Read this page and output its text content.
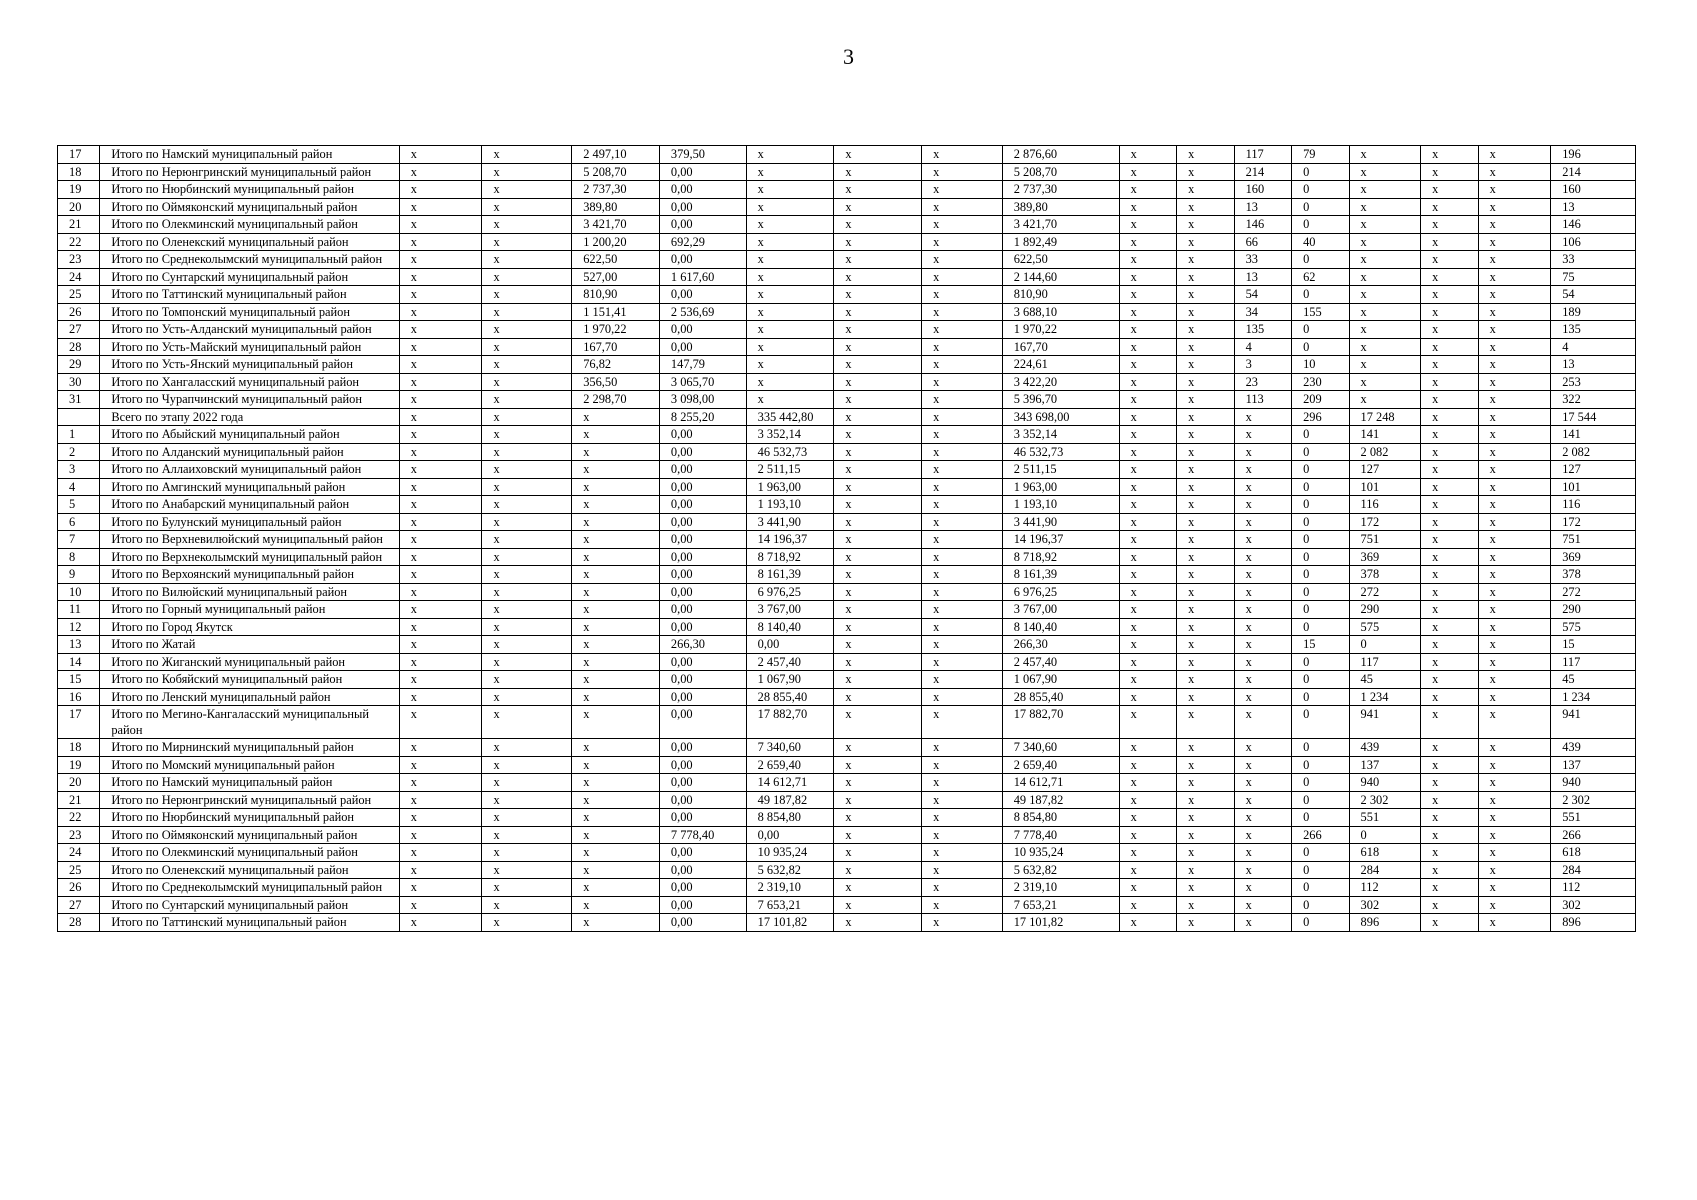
3
17	Итого по Намский муниципальный район	x	x	2 497,10	379,50	x	x	x	2 876,60	x	x	117	79	x	x	x	196
18	Итого по Нерюнгринский муниципальный район	x	x	5 208,70	0,00	x	x	x	5 208,70	x	x	214	0	x	x	x	214
19	Итого по Нюрбинский муниципальный район	x	x	2 737,30	0,00	x	x	x	2 737,30	x	x	160	0	x	x	x	160
20	Итого по Оймяконский муниципальный район	x	x	389,80	0,00	x	x	x	389,80	x	x	13	0	x	x	x	13
21	Итого по Олекминский муниципальный район	x	x	3 421,70	0,00	x	x	x	3 421,70	x	x	146	0	x	x	x	146
22	Итого по Оленекский муниципальный район	x	x	1 200,20	692,29	x	x	x	1 892,49	x	x	66	40	x	x	x	106
23	Итого по Среднеколымский муниципальный район	x	x	622,50	0,00	x	x	x	622,50	x	x	33	0	x	x	x	33
24	Итого по Сунтарский муниципальный район	x	x	527,00	1 617,60	x	x	x	2 144,60	x	x	13	62	x	x	x	75
25	Итого по Таттинский муниципальный район	x	x	810,90	0,00	x	x	x	810,90	x	x	54	0	x	x	x	54
26	Итого по Томпонский муниципальный район	x	x	1 151,41	2 536,69	x	x	x	3 688,10	x	x	34	155	x	x	x	189
27	Итого по Усть-Алданский муниципальный район	x	x	1 970,22	0,00	x	x	x	1 970,22	x	x	135	0	x	x	x	135
28	Итого по Усть-Майский муниципальный район	x	x	167,70	0,00	x	x	x	167,70	x	x	4	0	x	x	x	4
29	Итого по Усть-Янский муниципальный район	x	x	76,82	147,79	x	x	x	224,61	x	x	3	10	x	x	x	13
30	Итого по Хангаласский муниципальный район	x	x	356,50	3 065,70	x	x	x	3 422,20	x	x	23	230	x	x	x	253
31	Итого по Чурапчинский муниципальный район	x	x	2 298,70	3 098,00	x	x	x	5 396,70	x	x	113	209	x	x	x	322
	Всего по этапу 2022 года	x	x	x	8 255,20	335 442,80	x	x	343 698,00	x	x	x	296	17 248	x	x	17 544
1	Итого по Абыйский муниципальный район	x	x	x	0,00	3 352,14	x	x	3 352,14	x	x	x	0	141	x	x	141
2	Итого по Алданский муниципальный район	x	x	x	0,00	46 532,73	x	x	46 532,73	x	x	x	0	2 082	x	x	2 082
3	Итого по Аллаиховский муниципальный район	x	x	x	0,00	2 511,15	x	x	2 511,15	x	x	x	0	127	x	x	127
4	Итого по Амгинский муниципальный район	x	x	x	0,00	1 963,00	x	x	1 963,00	x	x	x	0	101	x	x	101
5	Итого по Анабарский муниципальный район	x	x	x	0,00	1 193,10	x	x	1 193,10	x	x	x	0	116	x	x	116
6	Итого по Булунский муниципальный район	x	x	x	0,00	3 441,90	x	x	3 441,90	x	x	x	0	172	x	x	172
7	Итого по Верхневилюйский муниципальный район	x	x	x	0,00	14 196,37	x	x	14 196,37	x	x	x	0	751	x	x	751
8	Итого по Верхнеколымский муниципальный район	x	x	x	0,00	8 718,92	x	x	8 718,92	x	x	x	0	369	x	x	369
9	Итого по Верхоянский муниципальный район	x	x	x	0,00	8 161,39	x	x	8 161,39	x	x	x	0	378	x	x	378
10	Итого по Вилюйский муниципальный район	x	x	x	0,00	6 976,25	x	x	6 976,25	x	x	x	0	272	x	x	272
11	Итого по Горный муниципальный район	x	x	x	0,00	3 767,00	x	x	3 767,00	x	x	x	0	290	x	x	290
12	Итого по Город Якутск	x	x	x	0,00	8 140,40	x	x	8 140,40	x	x	x	0	575	x	x	575
13	Итого по Жатай	x	x	x	266,30	0,00	x	x	266,30	x	x	x	15	0	x	x	15
14	Итого по Жиганский муниципальный район	x	x	x	0,00	2 457,40	x	x	2 457,40	x	x	x	0	117	x	x	117
15	Итого по Кобяйский муниципальный район	x	x	x	0,00	1 067,90	x	x	1 067,90	x	x	x	0	45	x	x	45
16	Итого по Ленский муниципальный район	x	x	x	0,00	28 855,40	x	x	28 855,40	x	x	x	0	1 234	x	x	1 234
17	Итого по Мегино-Кангаласский муниципальный район	x	x	x	0,00	17 882,70	x	x	17 882,70	x	x	x	0	941	x	x	941
18	Итого по Мирнинский муниципальный район	x	x	x	0,00	7 340,60	x	x	7 340,60	x	x	x	0	439	x	x	439
19	Итого по Момский муниципальный район	x	x	x	0,00	2 659,40	x	x	2 659,40	x	x	x	0	137	x	x	137
20	Итого по Намский муниципальный район	x	x	x	0,00	14 612,71	x	x	14 612,71	x	x	x	0	940	x	x	940
21	Итого по Нерюнгринский муниципальный район	x	x	x	0,00	49 187,82	x	x	49 187,82	x	x	x	0	2 302	x	x	2 302
22	Итого по Нюрбинский муниципальный район	x	x	x	0,00	8 854,80	x	x	8 854,80	x	x	x	0	551	x	x	551
23	Итого по Оймяконский муниципальный район	x	x	x	7 778,40	0,00	x	x	7 778,40	x	x	x	266	0	x	x	266
24	Итого по Олекминский муниципальный район	x	x	x	0,00	10 935,24	x	x	10 935,24	x	x	x	0	618	x	x	618
25	Итого по Оленекский муниципальный район	x	x	x	0,00	5 632,82	x	x	5 632,82	x	x	x	0	284	x	x	284
26	Итого по Среднеколымский муниципальный район	x	x	x	0,00	2 319,10	x	x	2 319,10	x	x	x	0	112	x	x	112
27	Итого по Сунтарский муниципальный район	x	x	x	0,00	7 653,21	x	x	7 653,21	x	x	x	0	302	x	x	302
28	Итого по Таттинский муниципальный район	x	x	x	0,00	17 101,82	x	x	17 101,82	x	x	x	0	896	x	x	896
